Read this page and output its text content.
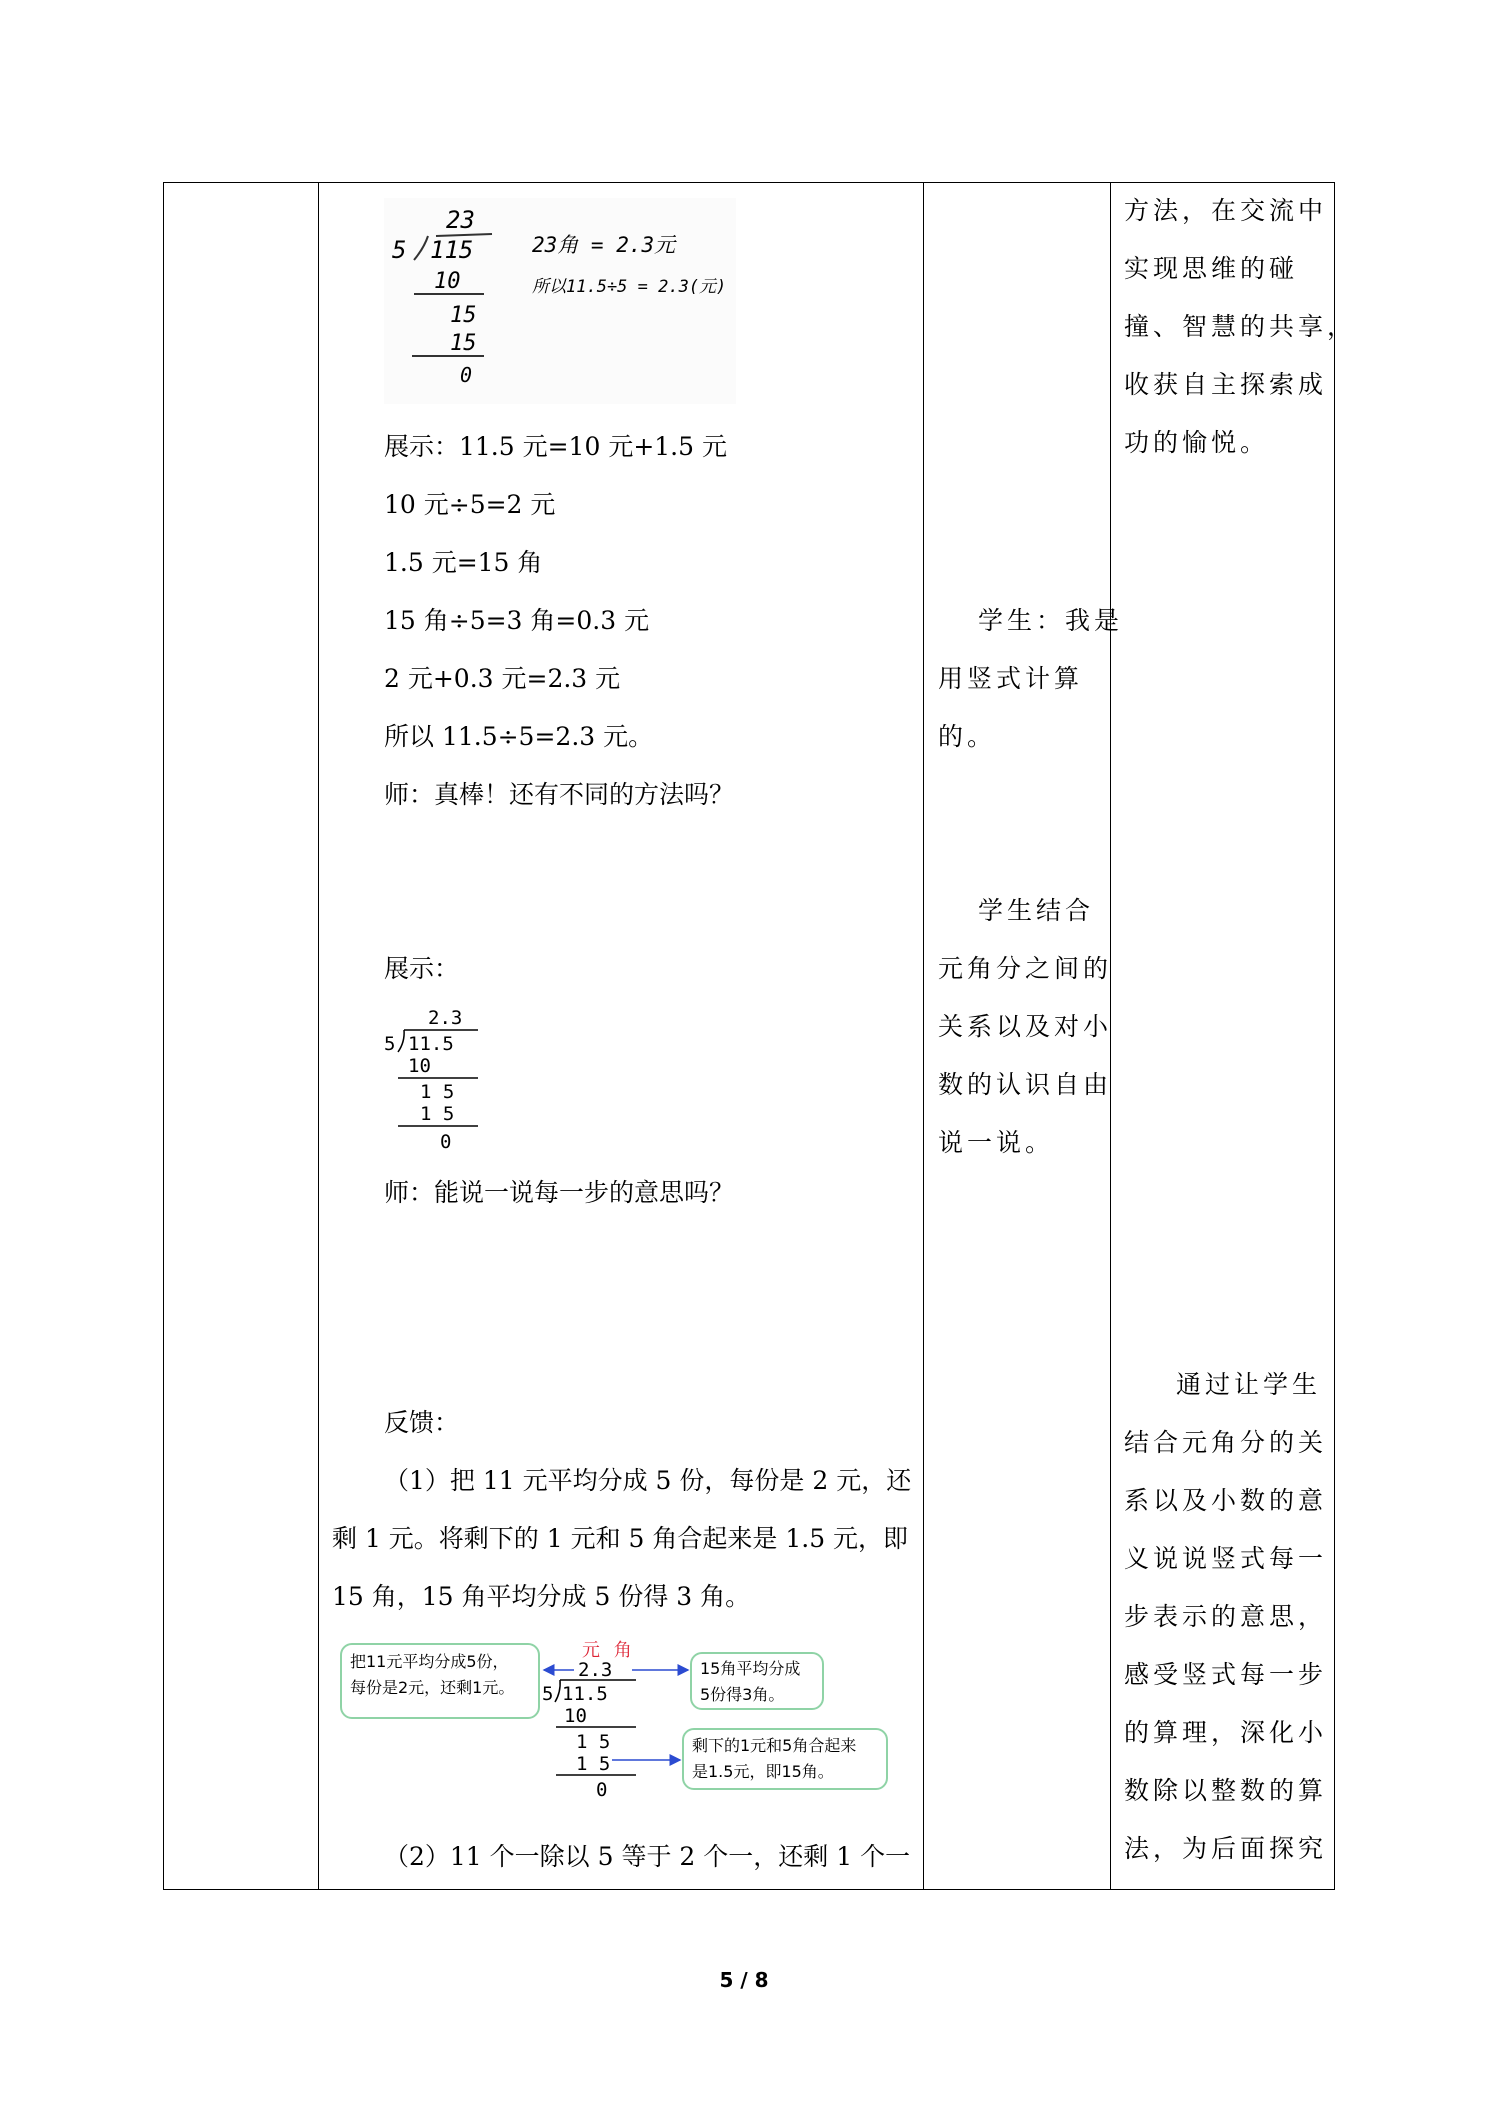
23
5 115
10
15
15
0
23角 = 2.3元
所以11.5÷5 = 2.3(元)
展示：11.5 元=10 元+1.5 元
10 元÷5=2 元
1.5 元=15 角
15 角÷5=3 角=0.3 元
2 元+0.3 元=2.3 元
所以 11.5÷5=2.3 元。
师：真棒！还有不同的方法吗？
展示：
2.3
5 11.5
10
1 5
1 5
0
师：能说一说每一步的意思吗？
反馈：
（1）把 11 元平均分成 5 份，每份是 2 元，还
剩 1 元。将剩下的 1 元和 5 角合起来是 1.5 元，即
15 角，15 角平均分成 5 份得 3 角。
把11元平均分成5份，
每份是2元，还剩1元。
15角平均分成
5份得3角。
剩下的1元和5角合起来
是1.5元，即15角。
元 角
2.3
5 11.5
10
1 5
1 5
0
（2）11 个一除以 5 等于 2 个一，还剩 1 个一
学生：我是
用竖式计算
的。
学生结合
元角分之间的
关系以及对小
数的认识自由
说一说。
方法，在交流中
实现思维的碰
撞、智慧的共享，
收获自主探索成
功的愉悦。
通过让学生
结合元角分的关
系以及小数的意
义说说竖式每一
步表示的意思，
感受竖式每一步
的算理，深化小
数除以整数的算
法，为后面探究
5 / 8
